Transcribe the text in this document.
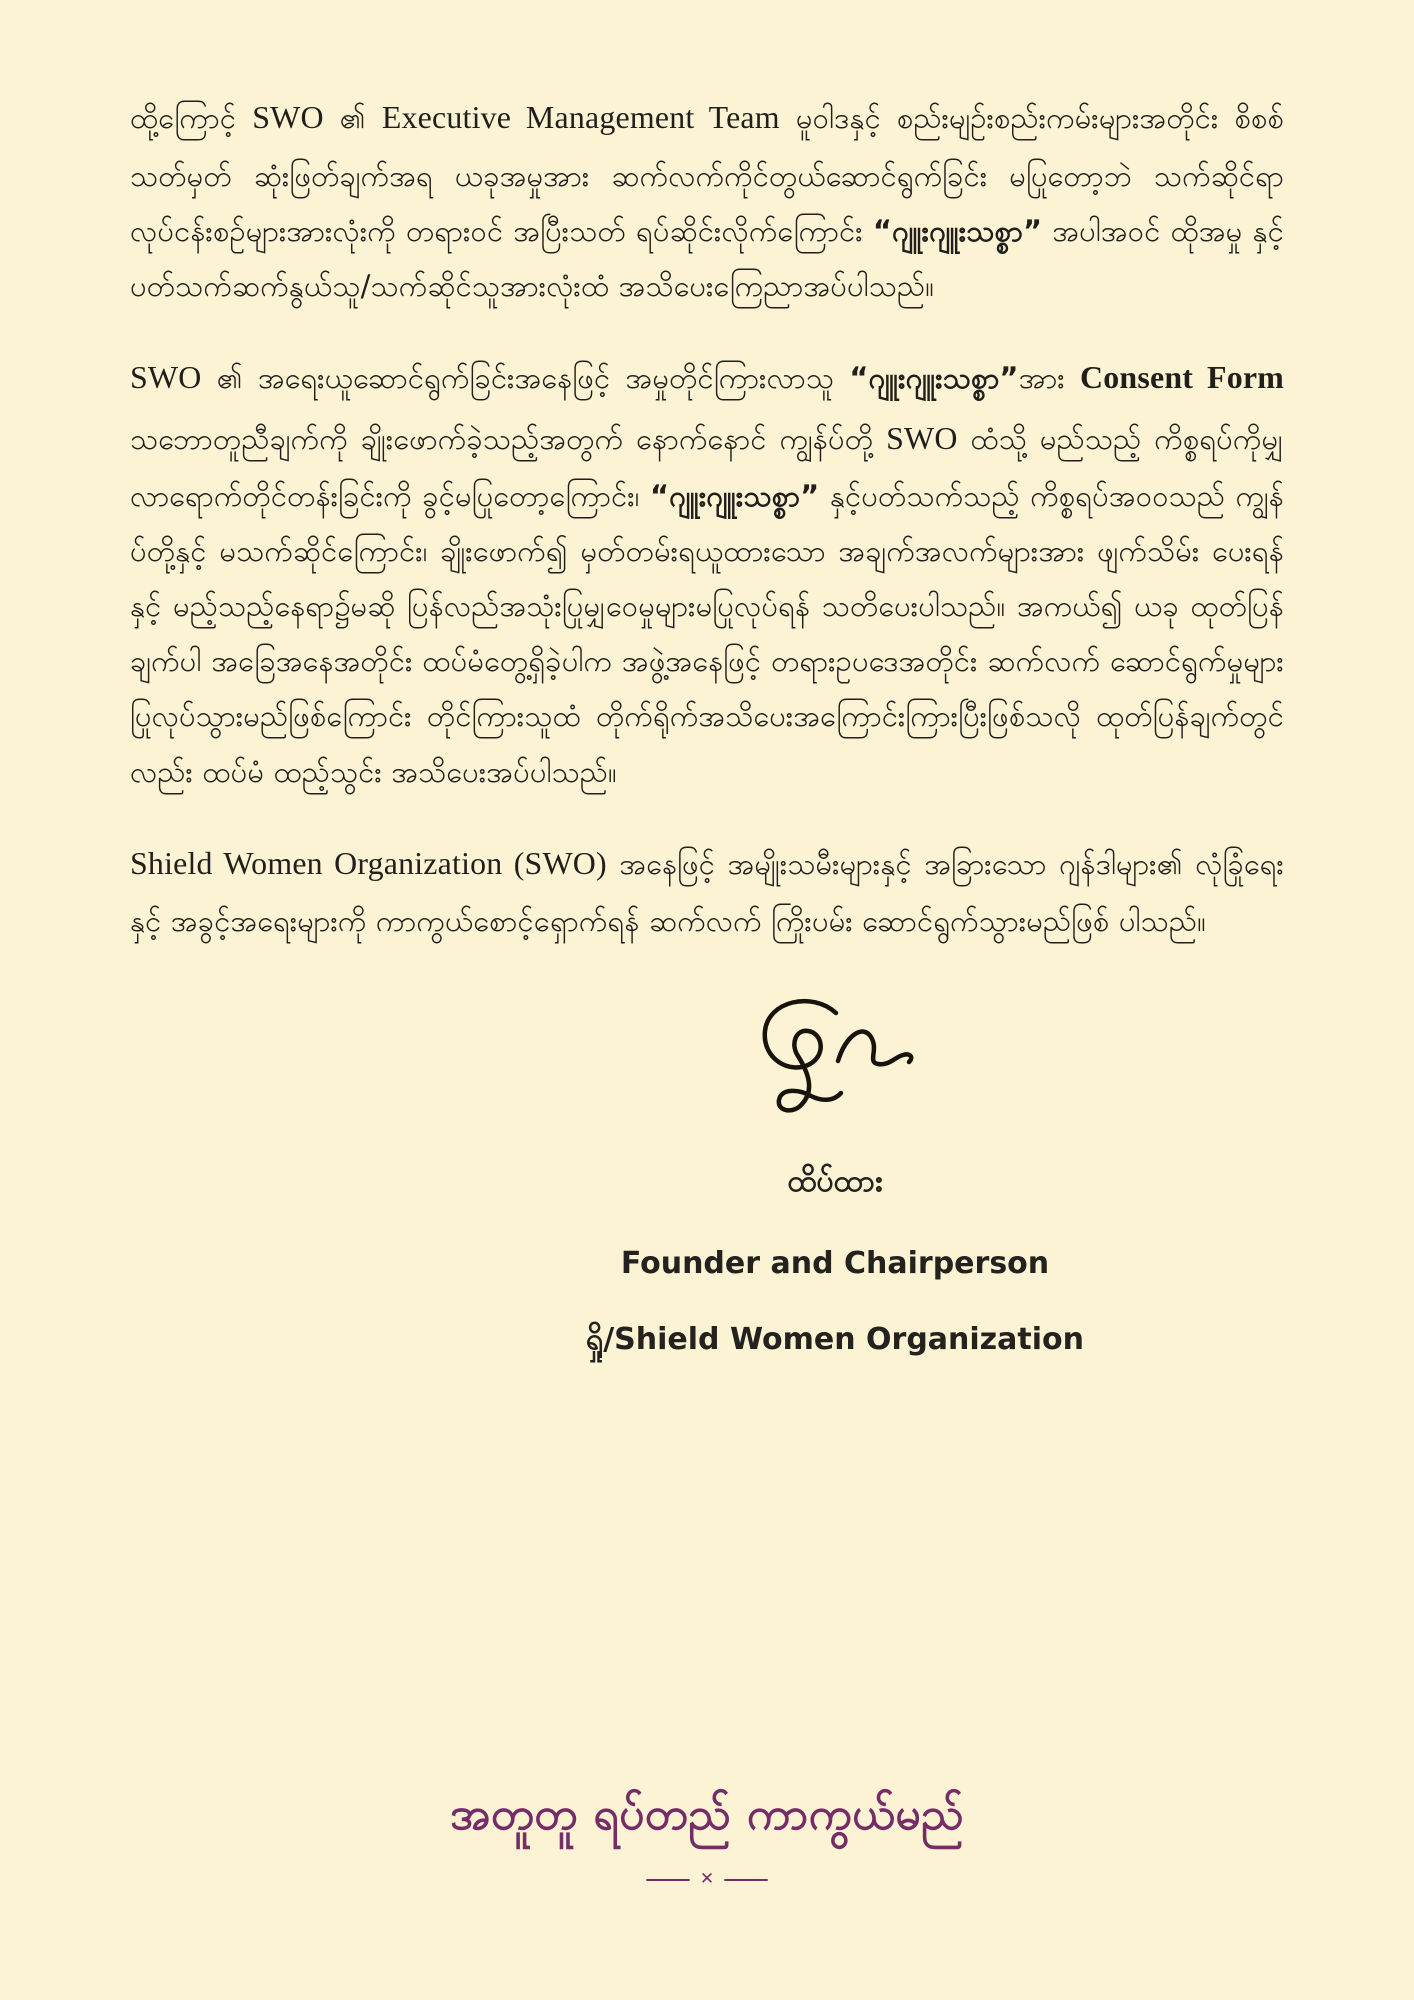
ထို့ကြောင့် SWO ၏ Executive Management Team မူဝါဒနှင့် စည်းမျဉ်းစည်းကမ်းများအတိုင်း စိစစ် သတ်မှတ် ဆုံးဖြတ်ချက်အရ ယခုအမှုအား ဆက်လက်ကိုင်တွယ်ဆောင်ရွက်ခြင်း မပြုတော့ဘဲ သက်ဆိုင်ရာ လုပ်ငန်းစဉ်များအားလုံးကို တရားဝင် အပြီးသတ် ရပ်ဆိုင်းလိုက်ကြောင်း “ဂျူးဂျူးသစ္စာ” အပါအဝင် ထိုအမှု နှင့် ပတ်သက်ဆက်နွယ်သူ/သက်ဆိုင်သူအားလုံးထံ အသိပေးကြေညာအပ်ပါသည်။

SWO ၏ အရေးယူဆောင်ရွက်ခြင်းအနေဖြင့် အမှုတိုင်ကြားလာသူ “ဂျူးဂျူးသစ္စာ”အား Consent Form သဘောတူညီချက်ကို ချိုးဖောက်ခဲ့သည့်အတွက် နောက်နောင် ကျွန်ပ်တို့ SWO ထံသို့ မည်သည့် ကိစ္စရပ်ကိုမျှ လာရောက်တိုင်တန်းခြင်းကို ခွင့်မပြုတော့ကြောင်း၊ “ဂျူးဂျူးသစ္စာ” နှင့်ပတ်သက်သည့် ကိစ္စရပ်အဝဝသည် ကျွန်ပ်တို့နှင့် မသက်ဆိုင်ကြောင်း၊ ချိုးဖောက်၍ မှတ်တမ်းရယူထားသော အချက်အလက်များအား ဖျက်သိမ်း ပေးရန်နှင့် မည့်သည့်နေရာ၌မဆို ပြန်လည်အသုံးပြုမျှဝေမှုများမပြုလုပ်ရန် သတိပေးပါသည်။ အကယ်၍ ယခု ထုတ်ပြန်ချက်ပါ အခြေအနေအတိုင်း ထပ်မံတွေ့ရှိခဲ့ပါက အဖွဲ့အနေဖြင့် တရားဥပဒေအတိုင်း ဆက်လက် ဆောင်ရွက်မှုများ ပြုလုပ်သွားမည်ဖြစ်ကြောင်း တိုင်ကြားသူထံ တိုက်ရိုက်အသိပေးအကြောင်းကြားပြီးဖြစ်သလို ထုတ်ပြန်ချက်တွင်လည်း ထပ်မံ ထည့်သွင်း အသိပေးအပ်ပါသည်။

Shield Women Organization (SWO) အနေဖြင့် အမျိုးသမီးများနှင့် အခြားသော ဂျန်ဒါများ၏ လုံခြုံရေးနှင့် အခွင့်အရေးများကို ကာကွယ်စောင့်ရှောက်ရန် ဆက်လက် ကြိုးပမ်း ဆောင်ရွက်သွားမည်ဖြစ် ပါသည်။

ထိပ်ထား
Founder and Chairperson
ရှို/Shield Women Organization
အတူတူ ရပ်တည် ကာကွယ်မည်
✕
